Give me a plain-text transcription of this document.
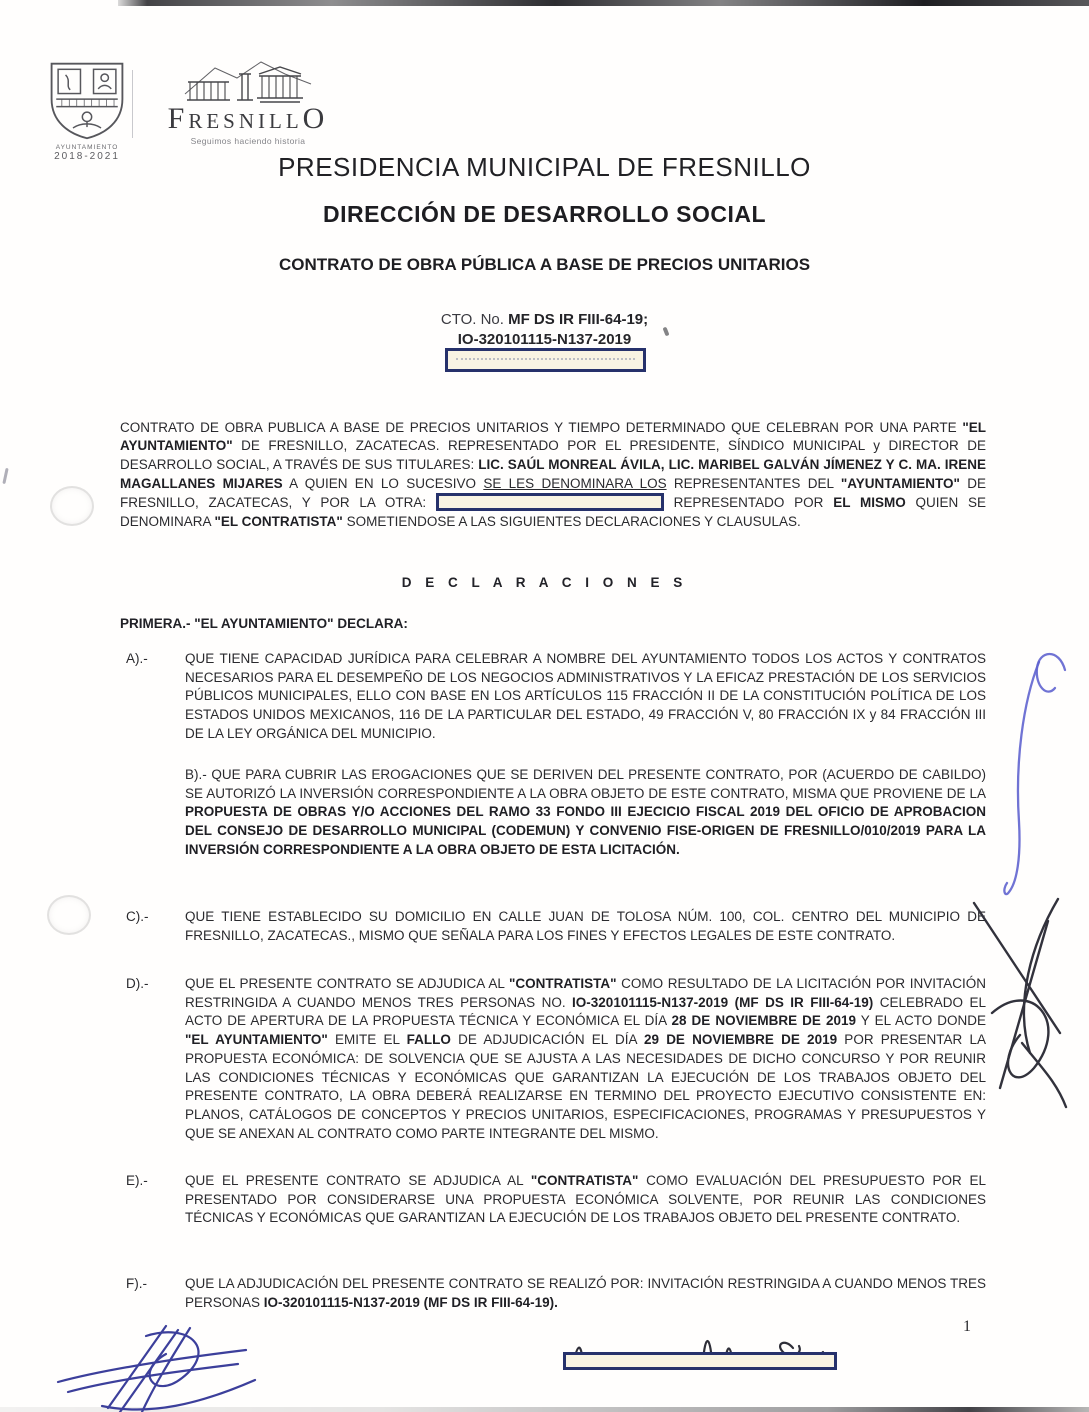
AYUNTAMIENTO
2018-2021
FRESNILLO
Seguimos haciendo historia
PRESIDENCIA MUNICIPAL DE FRESNILLO
DIRECCIÓN DE DESARROLLO SOCIAL
CONTRATO DE OBRA PÚBLICA A BASE DE PRECIOS UNITARIOS
CTO. No. MF DS IR FIII-64-19;
IO-320101115-N137-2019

CONTRATO DE OBRA PUBLICA A BASE DE PRECIOS UNITARIOS Y TIEMPO DETERMINADO QUE CELEBRAN POR UNA PARTE "EL AYUNTAMIENTO" DE FRESNILLO, ZACATECAS. REPRESENTADO POR EL PRESIDENTE, SÍNDICO MUNICIPAL y DIRECTOR DE DESARROLLO SOCIAL, A TRAVÉS DE SUS TITULARES: LIC. SAÚL MONREAL ÁVILA, LIC. MARIBEL GALVÁN JÍMENEZ Y C. MA. IRENE MAGALLANES MIJARES A QUIEN EN LO SUCESIVO SE LES DENOMINARA LOS REPRESENTANTES DEL "AYUNTAMIENTO" DE FRESNILLO, ZACATECAS, Y POR LA OTRA:	REPRESENTADO POR EL MISMO QUIEN SE DENOMINARA "EL CONTRATISTA" SOMETIENDOSE A LAS SIGUIENTES DECLARACIONES Y CLAUSULAS.

D E C L A R A C I O N E S
PRIMERA.- "EL AYUNTAMIENTO" DECLARA:
A).-	QUE TIENE CAPACIDAD JURÍDICA PARA CELEBRAR A NOMBRE DEL AYUNTAMIENTO TODOS LOS ACTOS Y CONTRATOS NECESARIOS PARA EL DESEMPEÑO DE LOS NEGOCIOS ADMINISTRATIVOS Y LA EFICAZ PRESTACIÓN DE LOS SERVICIOS PÚBLICOS MUNICIPALES, ELLO CON BASE EN LOS ARTÍCULOS 115 FRACCIÓN II DE LA CONSTITUCIÓN POLÍTICA DE LOS ESTADOS UNIDOS MEXICANOS, 116 DE LA PARTICULAR DEL ESTADO, 49 FRACCIÓN V, 80 FRACCIÓN IX y 84 FRACCIÓN III DE LA LEY ORGÁNICA DEL MUNICIPIO.

B).- QUE PARA CUBRIR LAS EROGACIONES QUE SE DERIVEN DEL PRESENTE CONTRATO, POR (ACUERDO DE CABILDO) SE AUTORIZÓ LA INVERSIÓN CORRESPONDIENTE A LA OBRA OBJETO DE ESTE CONTRATO, MISMA QUE PROVIENE DE LA PROPUESTA DE OBRAS Y/O ACCIONES DEL RAMO 33 FONDO III EJECICIO FISCAL 2019 DEL OFICIO DE APROBACION DEL CONSEJO DE DESARROLLO MUNICIPAL (CODEMUN) Y CONVENIO FISE-ORIGEN DE FRESNILLO/010/2019 PARA LA INVERSIÓN CORRESPONDIENTE A LA OBRA OBJETO DE ESTA LICITACIÓN.

C).-	QUE TIENE ESTABLECIDO SU DOMICILIO EN CALLE JUAN DE TOLOSA NÚM. 100, COL. CENTRO DEL MUNICIPIO DE FRESNILLO, ZACATECAS., MISMO QUE SEÑALA PARA LOS FINES Y EFECTOS LEGALES DE ESTE CONTRATO.

D).-	QUE EL PRESENTE CONTRATO SE ADJUDICA AL "CONTRATISTA" COMO RESULTADO DE LA LICITACIÓN POR INVITACIÓN RESTRINGIDA A CUANDO MENOS TRES PERSONAS NO. IO-320101115-N137-2019 (MF DS IR FIII-64-19) CELEBRADO EL ACTO DE APERTURA DE LA PROPUESTA TÉCNICA Y ECONÓMICA EL DÍA 28 DE NOVIEMBRE DE 2019 Y EL ACTO DONDE "EL AYUNTAMIENTO" EMITE EL FALLO DE ADJUDICACIÓN EL DÍA 29 DE NOVIEMBRE DE 2019 POR PRESENTAR LA PROPUESTA ECONÓMICA: DE SOLVENCIA QUE SE AJUSTA A LAS NECESIDADES DE DICHO CONCURSO Y POR REUNIR LAS CONDICIONES TÉCNICAS Y ECONÓMICAS QUE GARANTIZAN LA EJECUCIÓN DE LOS TRABAJOS OBJETO DEL PRESENTE CONTRATO, LA OBRA DEBERÁ REALIZARSE EN TERMINO DEL PROYECTO EJECUTIVO CONSISTENTE EN: PLANOS, CATÁLOGOS DE CONCEPTOS Y PRECIOS UNITARIOS, ESPECIFICACIONES, PROGRAMAS Y PRESUPUESTOS Y QUE SE ANEXAN AL CONTRATO COMO PARTE INTEGRANTE DEL MISMO.

E).-	QUE EL PRESENTE CONTRATO SE ADJUDICA AL "CONTRATISTA" COMO EVALUACIÓN DEL PRESUPUESTO POR EL PRESENTADO POR CONSIDERARSE UNA PROPUESTA ECONÓMICA SOLVENTE, POR REUNIR LAS CONDICIONES TÉCNICAS Y ECONÓMICAS QUE GARANTIZAN LA EJECUCIÓN DE LOS TRABAJOS OBJETO DEL PRESENTE CONTRATO.

F).-	QUE LA ADJUDICACIÓN DEL PRESENTE CONTRATO SE REALIZÓ POR: INVITACIÓN RESTRINGIDA A CUANDO MENOS TRES PERSONAS IO-320101115-N137-2019 (MF DS IR FIII-64-19).

1
